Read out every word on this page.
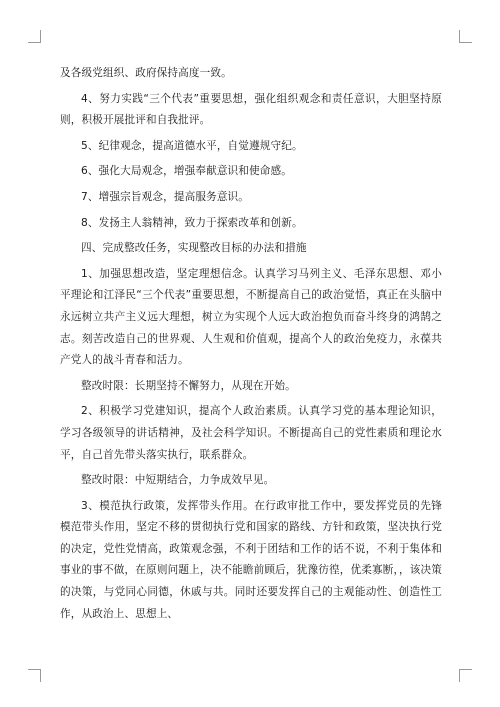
及各级党组织、政府保持高度一致。

4、努力实践“三个代表”重要思想，强化组织观念和责任意识，大胆坚持原则，积极开展批评和自我批评。

5、纪律观念，提高道德水平，自觉遵规守纪。

6、强化大局观念，增强奉献意识和使命感。

7、增强宗旨观念，提高服务意识。

8、发扬主人翁精神，致力于探索改革和创新。

四、完成整改任务，实现整改目标的办法和措施

1、加强思想改造，坚定理想信念。认真学习马列主义、毛泽东思想、邓小平理论和江泽民“三个代表”重要思想，不断提高自己的政治觉悟，真正在头脑中永远树立共产主义远大理想，树立为实现个人远大政治抱负而奋斗终身的鸿鹄之志。刻苦改造自己的世界观、人生观和价值观，提高个人的政治免疫力，永葆共产党人的战斗青春和活力。

整改时限：长期坚持不懈努力，从现在开始。

2、积极学习党建知识，提高个人政治素质。认真学习党的基本理论知识，学习各级领导的讲话精神，及社会科学知识。不断提高自己的党性素质和理论水平，自己首先带头落实执行，联系群众。

整改时限：中短期结合，力争成效早见。

3、模范执行政策，发挥带头作用。在行政审批工作中，要发挥党员的先锋模范带头作用，坚定不移的贯彻执行党和国家的路线、方针和政策，坚决执行党的决定，党性党情高，政策观念强，不利于团结和工作的话不说，不利于集体和事业的事不做，在原则问题上，决不能瞻前顾后，犹豫彷徨，优柔寡断，，该决策的决策，与党同心同德，休戚与共。同时还要发挥自己的主观能动性、创造性工作，从政治上、思想上、
